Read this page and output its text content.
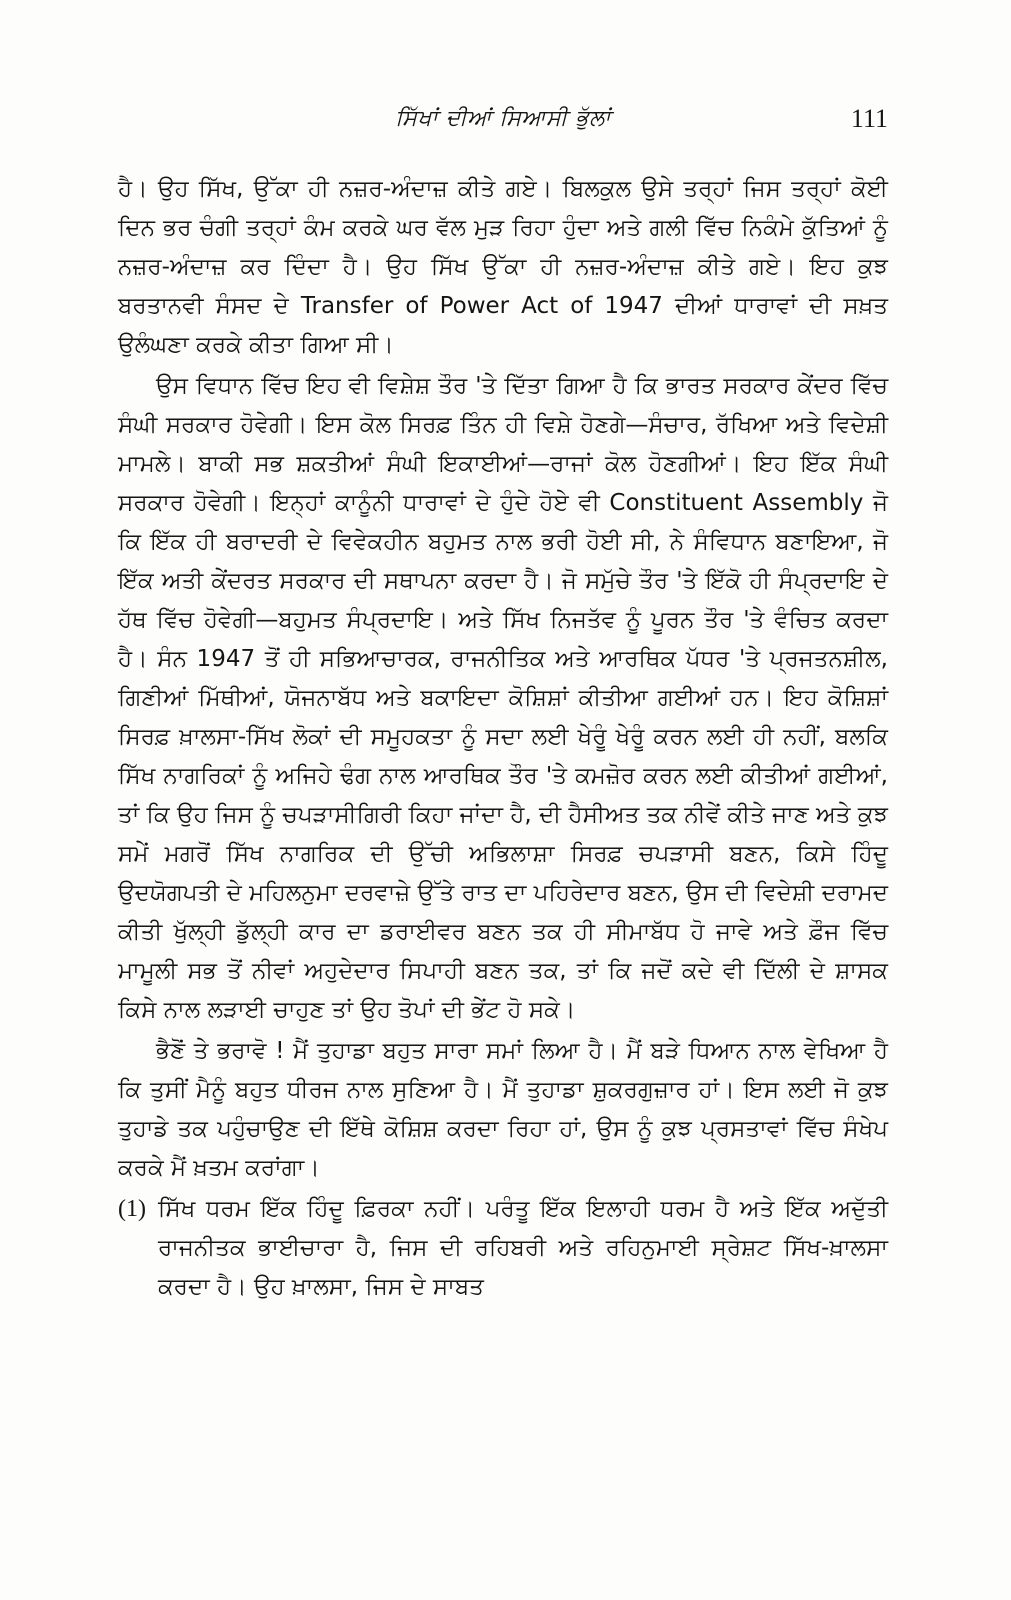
ਸਿੱਖਾਂ ਦੀਆਂ ਸਿਆਸੀ ਭੁੱਲਾਂ	111

ਹੈ। ਉਹ ਸਿੱਖ, ਉੱਕਾ ਹੀ ਨਜ਼ਰ-ਅੰਦਾਜ਼ ਕੀਤੇ ਗਏ। ਬਿਲਕੁਲ ਉਸੇ ਤਰ੍ਹਾਂ ਜਿਸ ਤਰ੍ਹਾਂ ਕੋਈ ਦਿਨ ਭਰ ਚੰਗੀ ਤਰ੍ਹਾਂ ਕੰਮ ਕਰਕੇ ਘਰ ਵੱਲ ਮੁੜ ਰਿਹਾ ਹੁੰਦਾ ਅਤੇ ਗਲੀ ਵਿੱਚ ਨਿਕੰਮੇ ਕੁੱਤਿਆਂ ਨੂੰ ਨਜ਼ਰ-ਅੰਦਾਜ਼ ਕਰ ਦਿੰਦਾ ਹੈ। ਉਹ ਸਿੱਖ ਉੱਕਾ ਹੀ ਨਜ਼ਰ-ਅੰਦਾਜ਼ ਕੀਤੇ ਗਏ। ਇਹ ਕੁਝ ਬਰਤਾਨਵੀ ਸੰਸਦ ਦੇ Transfer of Power Act of 1947 ਦੀਆਂ ਧਾਰਾਵਾਂ ਦੀ ਸਖ਼ਤ ਉਲੰਘਣਾ ਕਰਕੇ ਕੀਤਾ ਗਿਆ ਸੀ।

ਉਸ ਵਿਧਾਨ ਵਿੱਚ ਇਹ ਵੀ ਵਿਸ਼ੇਸ਼ ਤੌਰ 'ਤੇ ਦਿੱਤਾ ਗਿਆ ਹੈ ਕਿ ਭਾਰਤ ਸਰਕਾਰ ਕੇਂਦਰ ਵਿੱਚ ਸੰਘੀ ਸਰਕਾਰ ਹੋਵੇਗੀ। ਇਸ ਕੋਲ ਸਿਰਫ਼ ਤਿੰਨ ਹੀ ਵਿਸ਼ੇ ਹੋਣਗੇ—ਸੰਚਾਰ, ਰੱਖਿਆ ਅਤੇ ਵਿਦੇਸ਼ੀ ਮਾਮਲੇ। ਬਾਕੀ ਸਭ ਸ਼ਕਤੀਆਂ ਸੰਘੀ ਇਕਾਈਆਂ—ਰਾਜਾਂ ਕੋਲ ਹੋਣਗੀਆਂ। ਇਹ ਇੱਕ ਸੰਘੀ ਸਰਕਾਰ ਹੋਵੇਗੀ। ਇਨ੍ਹਾਂ ਕਾਨੂੰਨੀ ਧਾਰਾਵਾਂ ਦੇ ਹੁੰਦੇ ਹੋਏ ਵੀ Constituent Assembly ਜੋ ਕਿ ਇੱਕ ਹੀ ਬਰਾਦਰੀ ਦੇ ਵਿਵੇਕਹੀਨ ਬਹੁਮਤ ਨਾਲ ਭਰੀ ਹੋਈ ਸੀ, ਨੇ ਸੰਵਿਧਾਨ ਬਣਾਇਆ, ਜੋ ਇੱਕ ਅਤੀ ਕੇਂਦਰਤ ਸਰਕਾਰ ਦੀ ਸਥਾਪਨਾ ਕਰਦਾ ਹੈ। ਜੋ ਸਮੁੱਚੇ ਤੌਰ 'ਤੇ ਇੱਕੋ ਹੀ ਸੰਪ੍ਰਦਾਇ ਦੇ ਹੱਥ ਵਿੱਚ ਹੋਵੇਗੀ—ਬਹੁਮਤ ਸੰਪ੍ਰਦਾਇ। ਅਤੇ ਸਿੱਖ ਨਿਜਤੱਵ ਨੂੰ ਪੂਰਨ ਤੌਰ 'ਤੇ ਵੰਚਿਤ ਕਰਦਾ ਹੈ। ਸੰਨ 1947 ਤੋਂ ਹੀ ਸਭਿਆਚਾਰਕ, ਰਾਜਨੀਤਿਕ ਅਤੇ ਆਰਥਿਕ ਪੱਧਰ 'ਤੇ ਪ੍ਰਜਤਨਸ਼ੀਲ, ਗਿਣੀਆਂ ਮਿੱਥੀਆਂ, ਯੋਜਨਾਬੱਧ ਅਤੇ ਬਕਾਇਦਾ ਕੋਸ਼ਿਸ਼ਾਂ ਕੀਤੀਆ ਗਈਆਂ ਹਨ। ਇਹ ਕੋਸ਼ਿਸ਼ਾਂ ਸਿਰਫ਼ ਖ਼ਾਲਸਾ-ਸਿੱਖ ਲੋਕਾਂ ਦੀ ਸਮੂਹਕਤਾ ਨੂੰ ਸਦਾ ਲਈ ਖੇਰੂੰ ਖੇਰੂੰ ਕਰਨ ਲਈ ਹੀ ਨਹੀਂ, ਬਲਕਿ ਸਿੱਖ ਨਾਗਰਿਕਾਂ ਨੂੰ ਅਜਿਹੇ ਢੰਗ ਨਾਲ ਆਰਥਿਕ ਤੌਰ 'ਤੇ ਕਮਜ਼ੋਰ ਕਰਨ ਲਈ ਕੀਤੀਆਂ ਗਈਆਂ, ਤਾਂ ਕਿ ਉਹ ਜਿਸ ਨੂੰ ਚਪੜਾਸੀਗਿਰੀ ਕਿਹਾ ਜਾਂਦਾ ਹੈ, ਦੀ ਹੈਸੀਅਤ ਤਕ ਨੀਵੇਂ ਕੀਤੇ ਜਾਣ ਅਤੇ ਕੁਝ ਸਮੇਂ ਮਗਰੋਂ ਸਿੱਖ ਨਾਗਰਿਕ ਦੀ ਉੱਚੀ ਅਭਿਲਾਸ਼ਾ ਸਿਰਫ਼ ਚਪੜਾਸੀ ਬਣਨ, ਕਿਸੇ ਹਿੰਦੂ ਉਦਯੋਗਪਤੀ ਦੇ ਮਹਿਲਨੁਮਾ ਦਰਵਾਜ਼ੇ ਉੱਤੇ ਰਾਤ ਦਾ ਪਹਿਰੇਦਾਰ ਬਣਨ, ਉਸ ਦੀ ਵਿਦੇਸ਼ੀ ਦਰਾਮਦ ਕੀਤੀ ਖੁੱਲ੍ਹੀ ਡੁੱਲ੍ਹੀ ਕਾਰ ਦਾ ਡਰਾਈਵਰ ਬਣਨ ਤਕ ਹੀ ਸੀਮਾਬੱਧ ਹੋ ਜਾਵੇ ਅਤੇ ਫ਼ੌਜ ਵਿੱਚ ਮਾਮੂਲੀ ਸਭ ਤੋਂ ਨੀਵਾਂ ਅਹੁਦੇਦਾਰ ਸਿਪਾਹੀ ਬਣਨ ਤਕ, ਤਾਂ ਕਿ ਜਦੋਂ ਕਦੇ ਵੀ ਦਿੱਲੀ ਦੇ ਸ਼ਾਸਕ ਕਿਸੇ ਨਾਲ ਲੜਾਈ ਚਾਹੁਣ ਤਾਂ ਉਹ ਤੋਪਾਂ ਦੀ ਭੇਂਟ ਹੋ ਸਕੇ।

ਭੈਣੋਂ ਤੇ ਭਰਾਵੋ ! ਮੈਂ ਤੁਹਾਡਾ ਬਹੁਤ ਸਾਰਾ ਸਮਾਂ ਲਿਆ ਹੈ। ਮੈਂ ਬੜੇ ਧਿਆਨ ਨਾਲ ਵੇਖਿਆ ਹੈ ਕਿ ਤੁਸੀਂ ਮੈਨੂੰ ਬਹੁਤ ਧੀਰਜ ਨਾਲ ਸੁਣਿਆ ਹੈ। ਮੈਂ ਤੁਹਾਡਾ ਸ਼ੁਕਰਗੁਜ਼ਾਰ ਹਾਂ। ਇਸ ਲਈ ਜੋ ਕੁਝ ਤੁਹਾਡੇ ਤਕ ਪਹੁੰਚਾਉਣ ਦੀ ਇੱਥੇ ਕੋਸ਼ਿਸ਼ ਕਰਦਾ ਰਿਹਾ ਹਾਂ, ਉਸ ਨੂੰ ਕੁਝ ਪ੍ਰਸਤਾਵਾਂ ਵਿੱਚ ਸੰਖੇਪ ਕਰਕੇ ਮੈਂ ਖ਼ਤਮ ਕਰਾਂਗਾ।

(1) ਸਿੱਖ ਧਰਮ ਇੱਕ ਹਿੰਦੂ ਫ਼ਿਰਕਾ ਨਹੀਂ। ਪਰੰਤੂ ਇੱਕ ਇਲਾਹੀ ਧਰਮ ਹੈ ਅਤੇ ਇੱਕ ਅਦੁੱਤੀ ਰਾਜਨੀਤਕ ਭਾਈਚਾਰਾ ਹੈ, ਜਿਸ ਦੀ ਰਹਿਬਰੀ ਅਤੇ ਰਹਿਨੁਮਾਈ ਸ੍ਰੇਸ਼ਟ ਸਿੱਖ-ਖ਼ਾਲਸਾ ਕਰਦਾ ਹੈ। ਉਹ ਖ਼ਾਲਸਾ, ਜਿਸ ਦੇ ਸਾਬਤ
